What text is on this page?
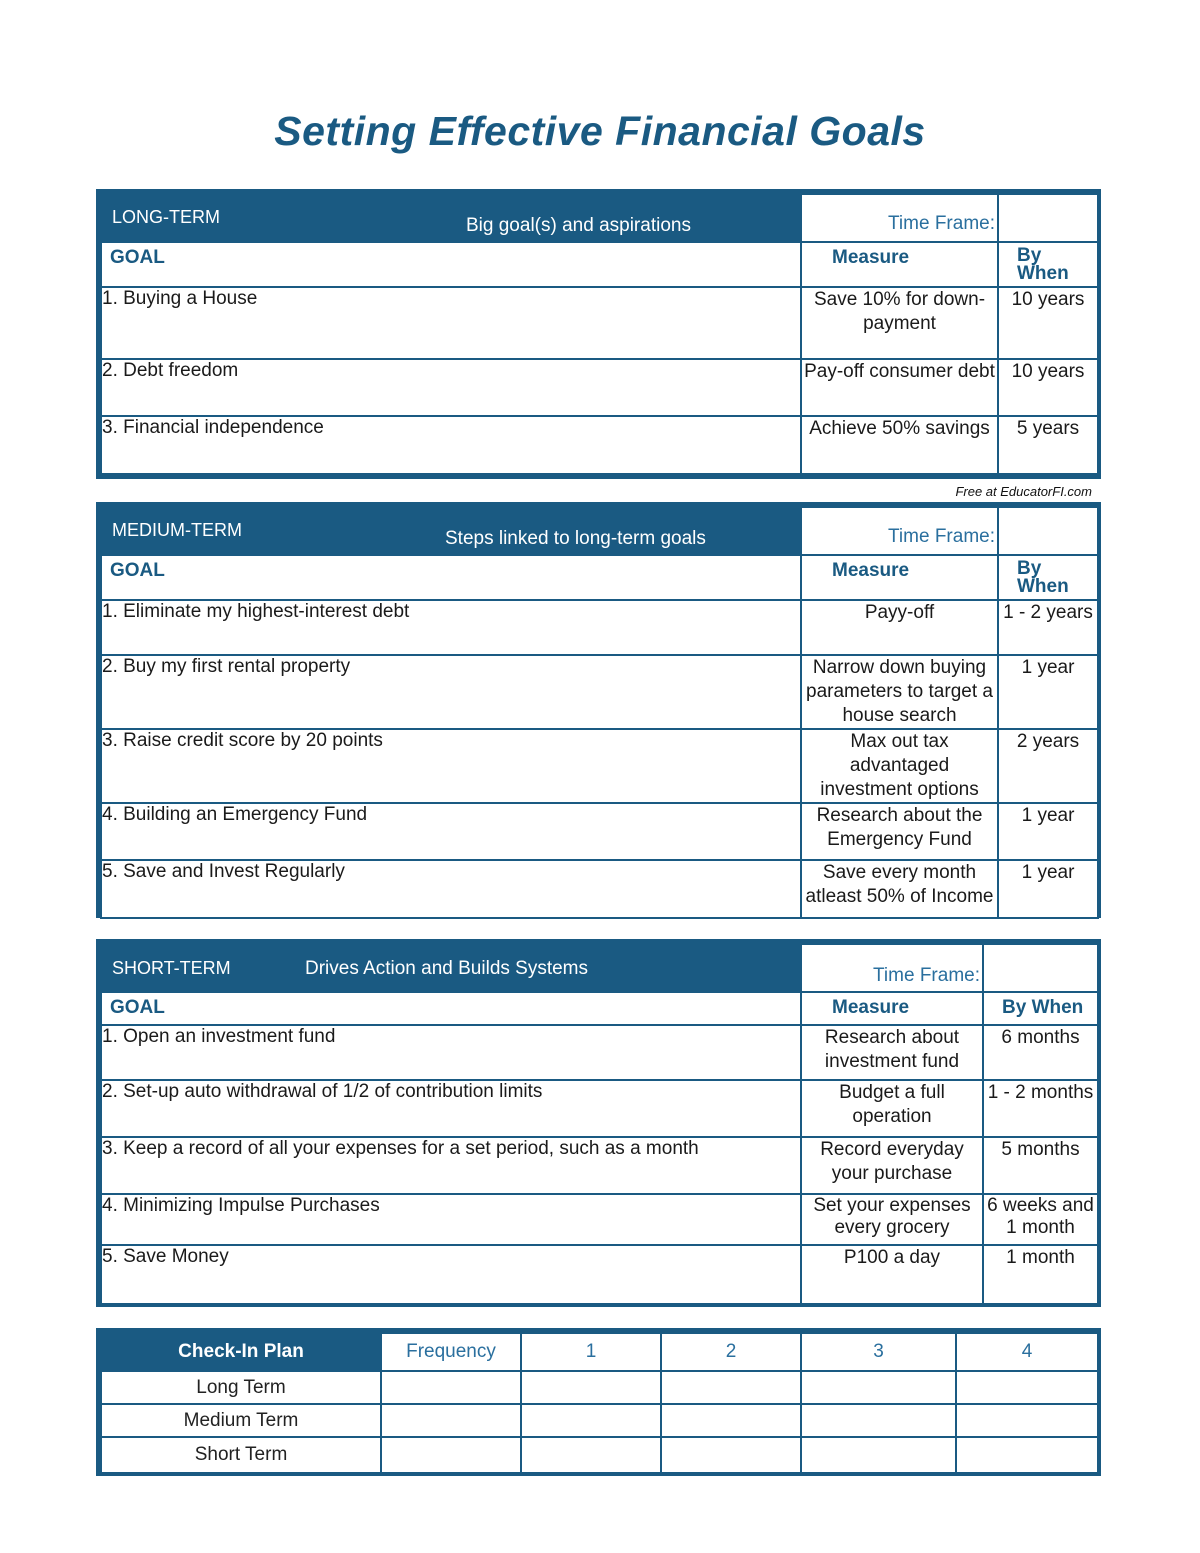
Setting Effective Financial Goals
LONG-TERM Big goal(s) and aspirations	Time Frame:	
GOAL	Measure	By When
1. Buying a House	Save 10% for down-payment	10 years
2. Debt freedom	Pay-off consumer debt	10 years
3. Financial independence	Achieve 50% savings	5 years
Free at EducatorFI.com
MEDIUM-TERM Steps linked to long-term goals	Time Frame:	
GOAL	Measure	By When
1. Eliminate my highest-interest debt	Payy-off	1 - 2 years
2. Buy my first rental property	Narrow down buying parameters to target a house search	1 year
3. Raise credit score by 20 points	Max out tax advantaged investment options	2 years
4. Building an Emergency Fund	Research about the Emergency Fund	1 year
5. Save and Invest Regularly	Save every month atleast 50% of Income	1 year
SHORT-TERM Drives Action and Builds Systems	Time Frame:	
GOAL	Measure	By When
1. Open an investment fund	Research about investment fund	6 months
2. Set-up auto withdrawal of 1/2 of contribution limits	Budget a full operation	1 - 2 months
3. Keep a record of all your expenses for a set period, such as a month	Record everyday your purchase	5 months
4. Minimizing Impulse Purchases	Set your expenses every grocery	6 weeks and 1 month
5. Save Money	P100 a day	1 month
Check-In Plan	Frequency	1	2	3	4
Long Term					
Medium Term					
Short Term					
